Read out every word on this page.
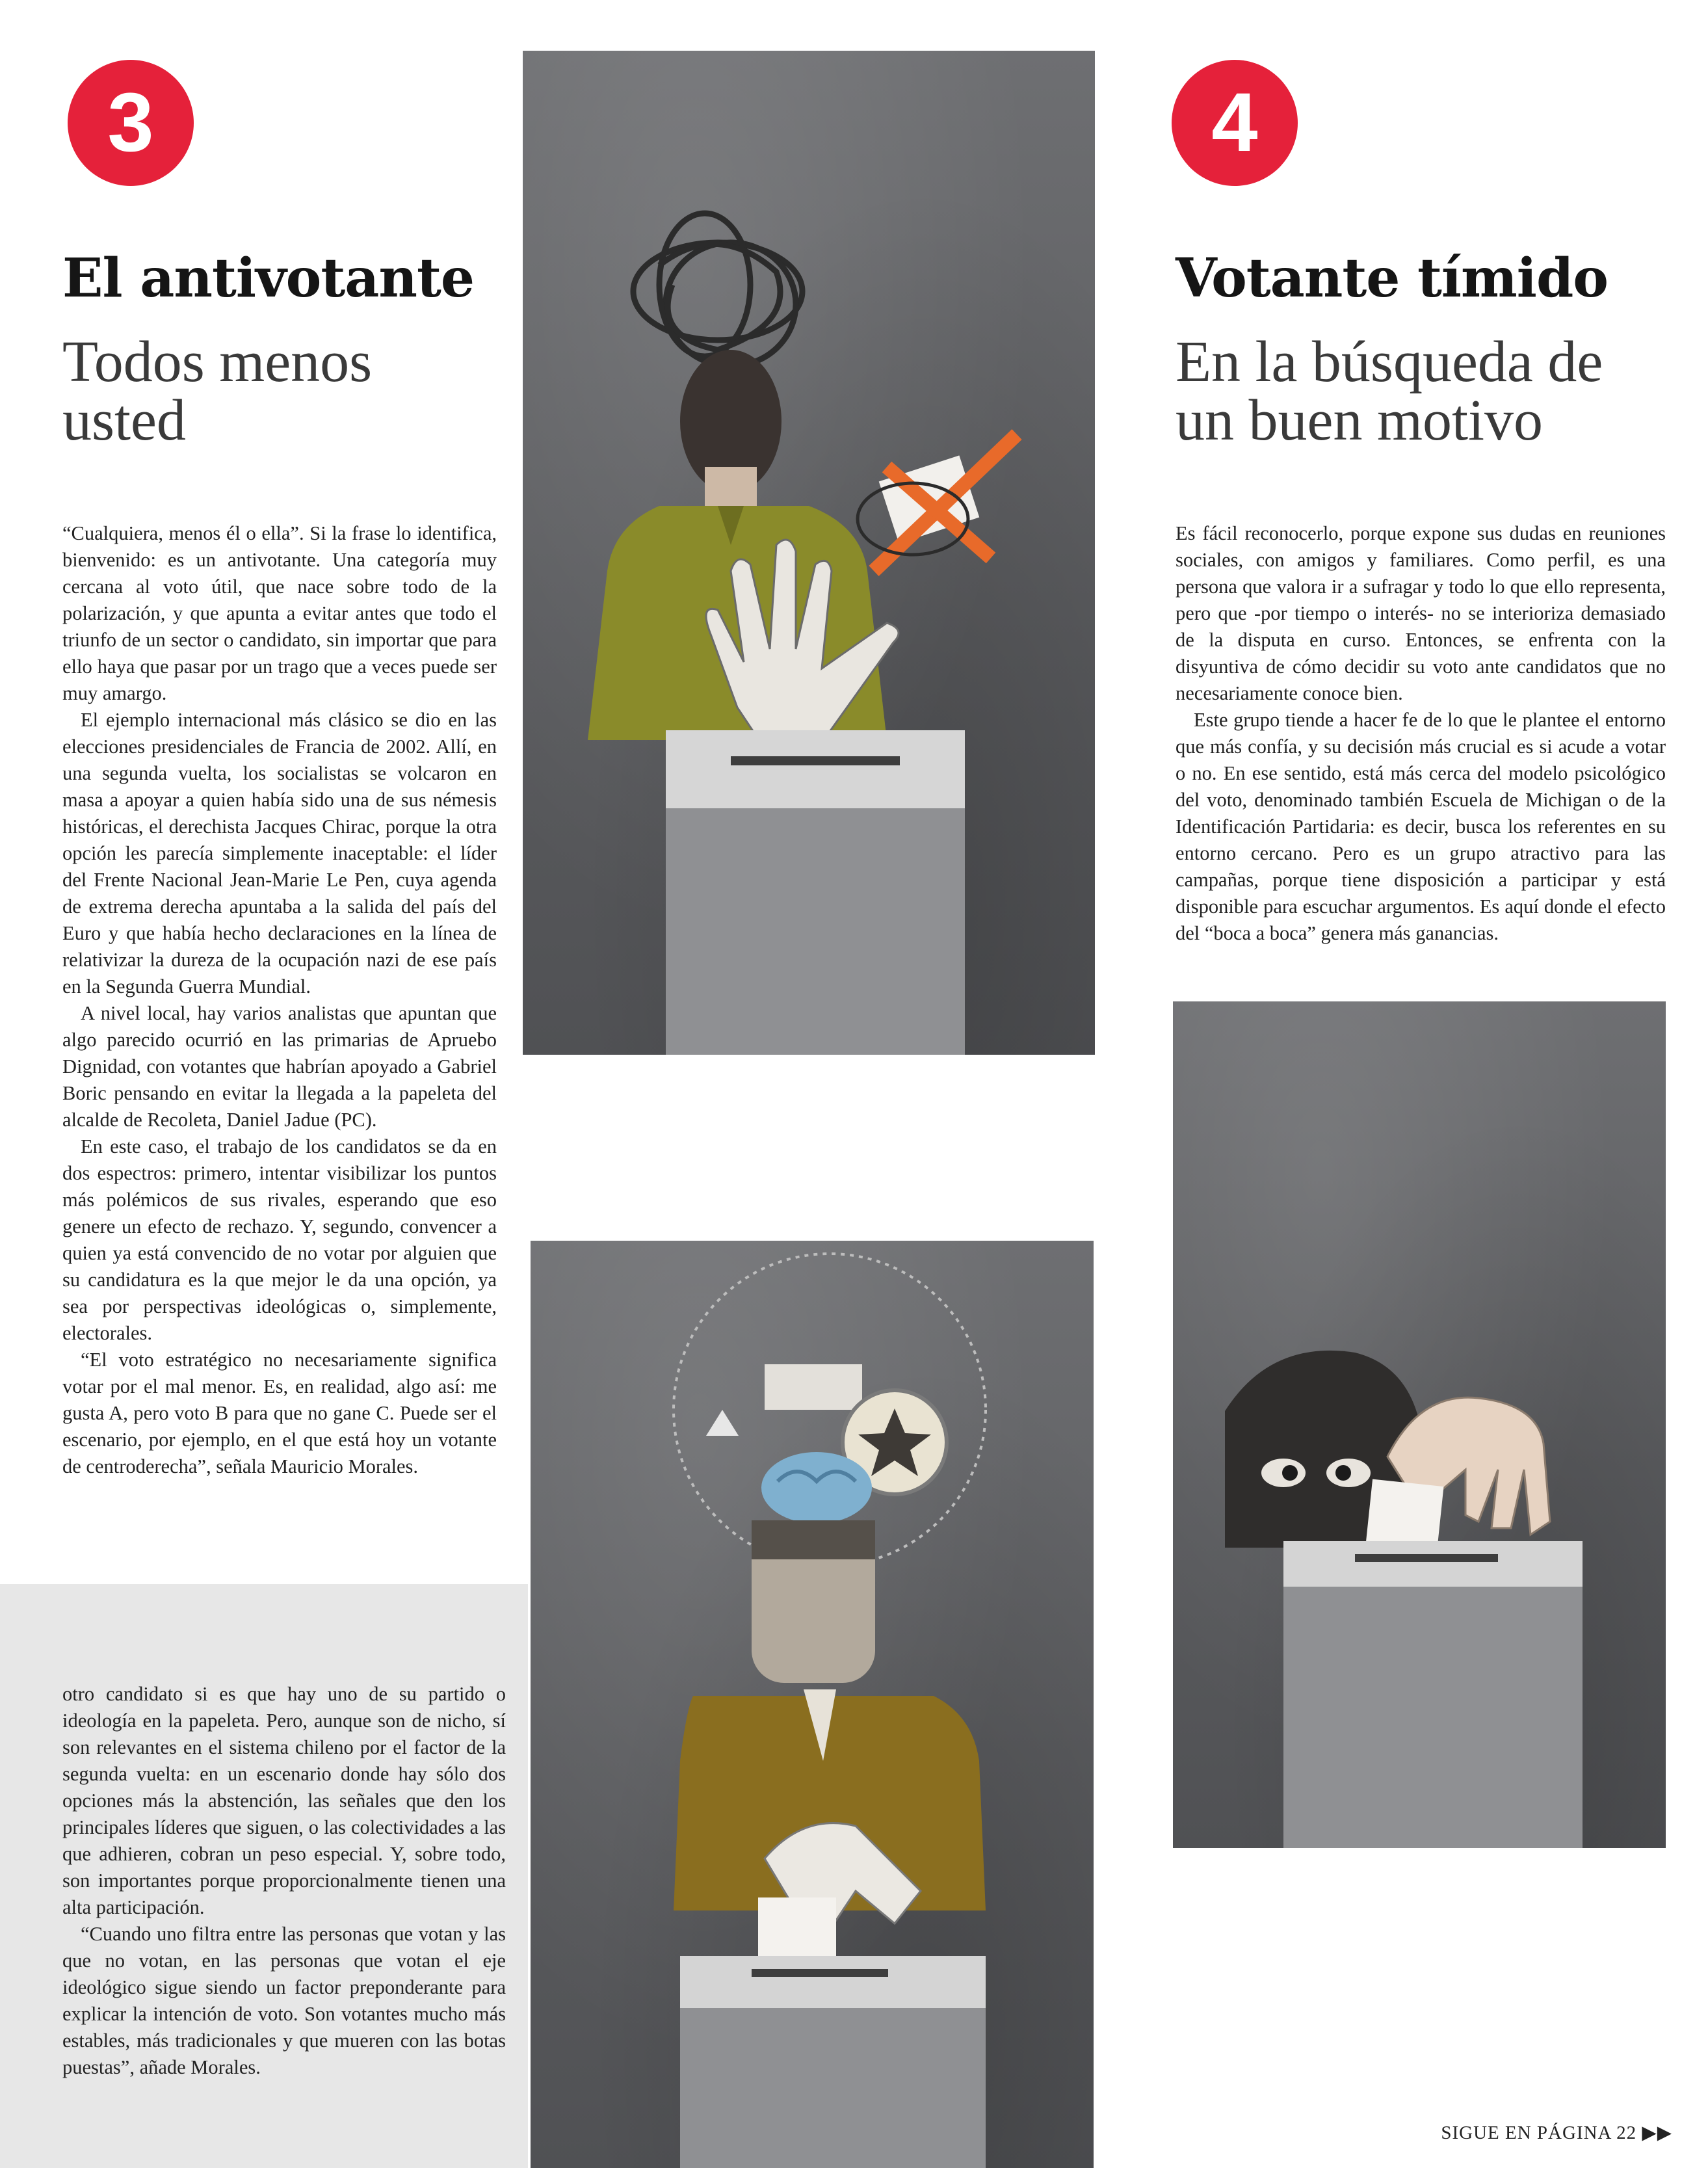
3
El antivotante
Todos menos
usted

“Cualquiera, menos él o ella”. Si la frase lo identifica, bienvenido: es un antivotante. Una categoría muy cercana al voto útil, que nace sobre todo de la polarización, y que apunta a evitar antes que todo el triunfo de un sector o candidato, sin importar que para ello haya que pasar por un trago que a veces puede ser muy amargo.

El ejemplo internacional más clásico se dio en las elecciones presidenciales de Francia de 2002. Allí, en una segunda vuelta, los socialistas se volcaron en masa a apoyar a quien había sido una de sus némesis históricas, el derechista Jacques Chirac, porque la otra opción les parecía simplemente inaceptable: el líder del Frente Nacional Jean-Marie Le Pen, cuya agenda de extrema derecha apuntaba a la salida del país del Euro y que había hecho declaraciones en la línea de relativizar la dureza de la ocupación nazi de ese país en la Segunda Guerra Mundial.

A nivel local, hay varios analistas que apuntan que algo parecido ocurrió en las primarias de Apruebo Dignidad, con votantes que habrían apoyado a Gabriel Boric pensando en evitar la llegada a la papeleta del alcalde de Recoleta, Daniel Jadue (PC).

En este caso, el trabajo de los candidatos se da en dos espectros: primero, intentar visibilizar los puntos más polémicos de sus rivales, esperando que eso genere un efecto de rechazo. Y, segundo, convencer a quien ya está convencido de no votar por alguien que su candidatura es la que mejor le da una opción, ya sea por perspectivas ideológicas o, simplemente, electorales.

“El voto estratégico no necesariamente significa votar por el mal menor. Es, en realidad, algo así: me gusta A, pero voto B para que no gane C. Puede ser el escenario, por ejemplo, en el que está hoy un votante de centroderecha”, señala Mauricio Morales.

otro candidato si es que hay uno de su partido o ideología en la papeleta. Pero, aunque son de nicho, sí son relevantes en el sistema chileno por el factor de la segunda vuelta: en un escenario donde hay sólo dos opciones más la abstención, las señales que den los principales líderes que siguen, o las colectividades a las que adhieren, cobran un peso especial. Y, sobre todo, son importantes porque proporcionalmente tienen una alta participación.

“Cuando uno filtra entre las personas que votan y las que no votan, en las personas que votan el eje ideológico sigue siendo un factor preponderante para explicar la intención de voto. Son votantes mucho más estables, más tradicionales y que mueren con las botas puestas”, añade Morales.

4
Votante tímido
En la búsqueda de
un buen motivo

Es fácil reconocerlo, porque expone sus dudas en reuniones sociales, con amigos y familiares. Como perfil, es una persona que valora ir a sufragar y todo lo que ello representa, pero que -por tiempo o interés- no se interioriza demasiado de la disputa en curso. Entonces, se enfrenta con la disyuntiva de cómo decidir su voto ante candidatos que no necesariamente conoce bien.

Este grupo tiende a hacer fe de lo que le plantee el entorno que más confía, y su decisión más crucial es si acude a votar o no. En ese sentido, está más cerca del modelo psicológico del voto, denominado también Escuela de Michigan o de la Identificación Partidaria: es decir, busca los referentes en su entorno cercano. Pero es un grupo atractivo para las campañas, porque tiene disposición a participar y está disponible para escuchar argumentos. Es aquí donde el efecto del “boca a boca” genera más ganancias.

SIGUE EN PÁGINA 22 ▶▶
